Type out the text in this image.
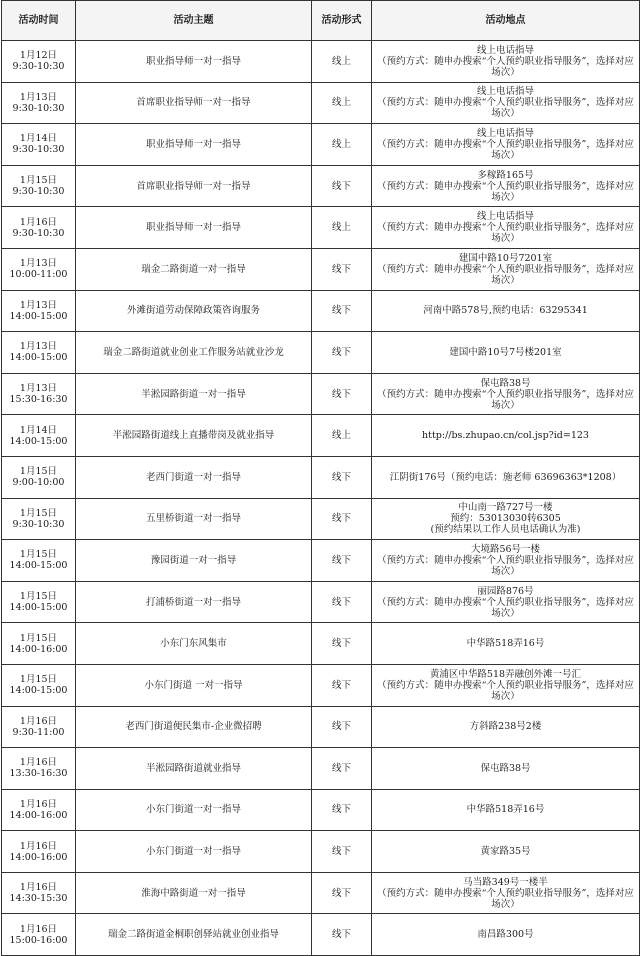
活动时间	活动主题	活动形式	活动地点

1月12日
9:30-10:30	职业指导师一对一指导	线上	线上电话指导
（预约方式：随申办搜索“个人预约职业指导服务”，选择对应场次）

1月13日
9:30-10:30	首席职业指导师一对一指导	线上	线上电话指导
（预约方式：随申办搜索“个人预约职业指导服务”，选择对应场次）

1月14日
9:30-10:30	职业指导师一对一指导	线上	线上电话指导
（预约方式：随申办搜索“个人预约职业指导服务”，选择对应场次）

1月15日
9:30-10:30	首席职业指导师一对一指导	线下	多稼路165号
（预约方式：随申办搜索“个人预约职业指导服务”，选择对应场次）

1月16日
9:30-10:30	职业指导师一对一指导	线上	线上电话指导
（预约方式：随申办搜索“个人预约职业指导服务”，选择对应场次）

1月13日
10:00-11:00	瑞金二路街道一对一指导	线下	建国中路10号7201室
（预约方式：随申办搜索“个人预约职业指导服务”，选择对应场次）

1月13日
14:00-15:00	外滩街道劳动保障政策咨询服务	线下	河南中路578号,预约电话：63295341

1月13日
14:00-15:00	瑞金二路街道就业创业工作服务站就业沙龙	线下	建国中路10号7号楼201室

1月13日
15:30-16:30	半淞园路街道一对一指导	线下	保屯路38号
（预约方式：随申办搜索“个人预约职业指导服务”，选择对应场次）

1月14日
14:00-15:00	半淞园路街道线上直播带岗及就业指导	线上	http://bs.zhupao.cn/col.jsp?id=123

1月15日
9:00-10:00	老西门街道一对一指导	线下	江阴街176号（预约电话：施老师 63696363*1208）

1月15日
9:30-10:30	五里桥街道一对一指导	线下	中山南一路727号一楼
预约：53013030转6305
(预约结果以工作人员电话确认为准)

1月15日
14:00-15:00	豫园街道一对一指导	线下	大境路56号一楼
（预约方式：随申办搜索“个人预约职业指导服务”，选择对应场次）

1月15日
14:00-15:00	打浦桥街道一对一指导	线下	丽园路876号
（预约方式：随申办搜索“个人预约职业指导服务”，选择对应场次）

1月15日
14:00-16:00	小东门东风集市	线下	中华路518弄16号

1月15日
14:00-15:00	小东门街道 一对一指导	线下	黄浦区中华路518弄融创外滩一号汇
（预约方式：随申办搜索“个人预约职业指导服务”，选择对应场次）

1月16日
9:30-11:00	老西门街道便民集市-企业微招聘	线下	方斜路238号2楼

1月16日
13:30-16:30	半淞园路街道就业指导	线下	保屯路38号

1月16日
14:00-16:00	小东门街道一对一指导	线下	中华路518弄16号

1月16日
14:00-16:00	小东门街道一对一指导	线下	黄家路35号

1月16日
14:30-15:30	淮海中路街道一对一指导	线下	马当路349号一楼半
（预约方式：随申办搜索“个人预约职业指导服务”，选择对应场次）

1月16日
15:00-16:00	瑞金二路街道金桐职创驿站就业创业指导	线下	南昌路300号
